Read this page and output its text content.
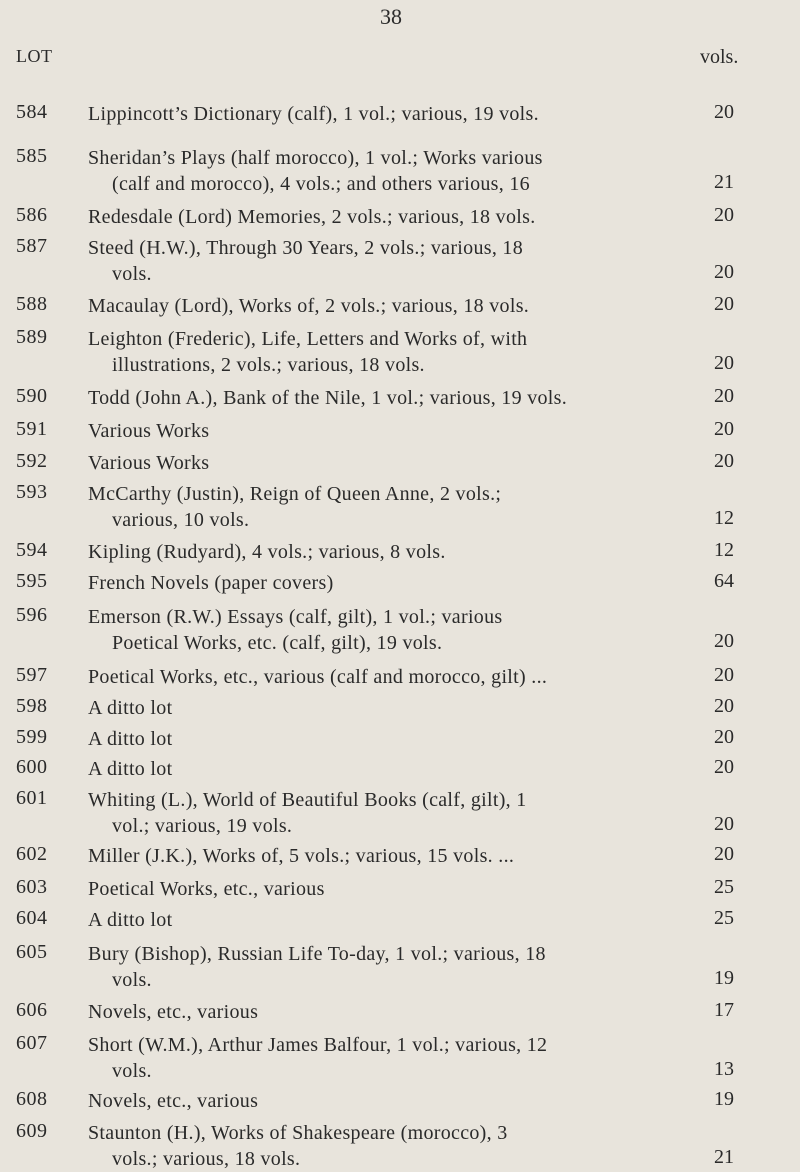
38
LOT	vols.
584 Lippincott’s Dictionary (calf), 1 vol.; various, 19 vols.	20
585 Sheridan’s Plays (half morocco), 1 vol.; Works various
(calf and morocco), 4 vols.; and others various, 16	21
586 Redesdale (Lord) Memories, 2 vols.; various, 18 vols.	20
587 Steed (H.W.), Through 30 Years, 2 vols.; various, 18
vols.	20
588 Macaulay (Lord), Works of, 2 vols.; various, 18 vols.	20
589 Leighton (Frederic), Life, Letters and Works of, with
illustrations, 2 vols.; various, 18 vols.	20
590 Todd (John A.), Bank of the Nile, 1 vol.; various, 19 vols.	20
591 Various Works	20
592 Various Works	20
593 McCarthy (Justin), Reign of Queen Anne, 2 vols.;
various, 10 vols.	12
594 Kipling (Rudyard), 4 vols.; various, 8 vols.	12
595 French Novels (paper covers)	64
596 Emerson (R.W.) Essays (calf, gilt), 1 vol.; various
Poetical Works, etc. (calf, gilt), 19 vols.	20
597 Poetical Works, etc., various (calf and morocco, gilt) ...	20
598 A ditto lot	20
599 A ditto lot	20
600 A ditto lot	20
601 Whiting (L.), World of Beautiful Books (calf, gilt), 1
vol.; various, 19 vols.	20
602 Miller (J.K.), Works of, 5 vols.; various, 15 vols. ...	20
603 Poetical Works, etc., various	25
604 A ditto lot	25
605 Bury (Bishop), Russian Life To-day, 1 vol.; various, 18
vols.	19
606 Novels, etc., various	17
607 Short (W.M.), Arthur James Balfour, 1 vol.; various, 12
vols.	13
608 Novels, etc., various	19
609 Staunton (H.), Works of Shakespeare (morocco), 3
vols.; various, 18 vols.	21
